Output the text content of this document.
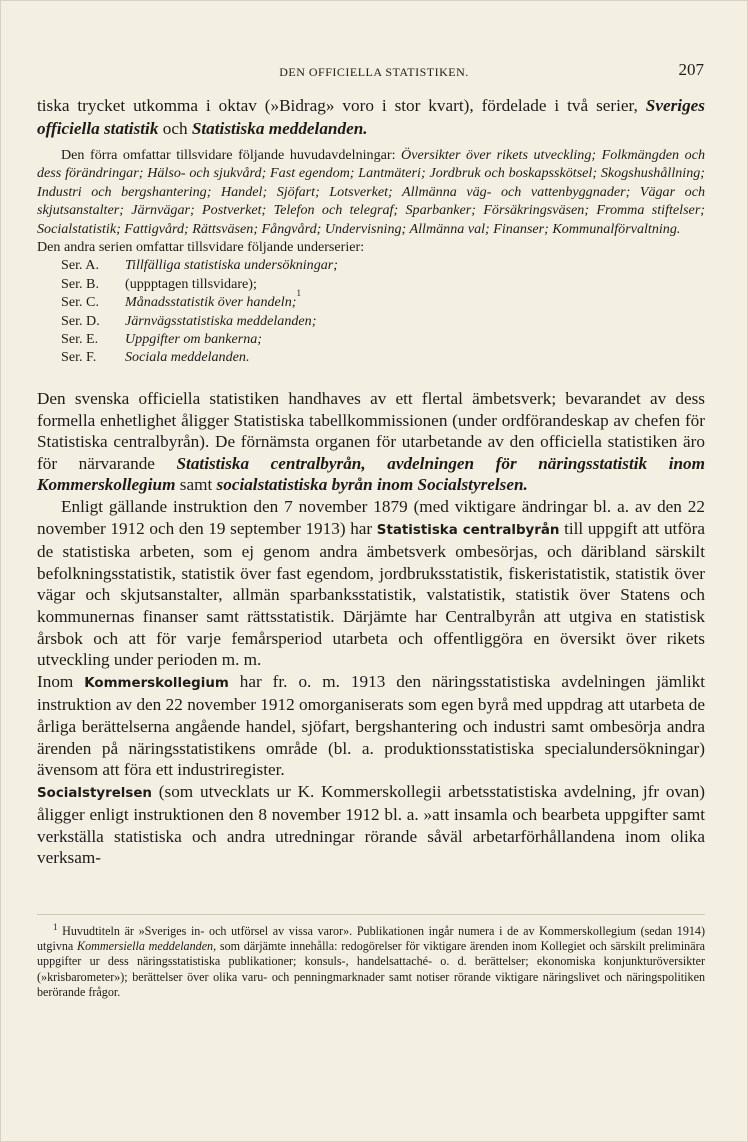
DEN OFFICIELLA STATISTIKEN.	207

tiska trycket utkomma i oktav (»Bidrag» voro i stor kvart), fördelade i två serier, Sveriges officiella statistik och Statistiska meddelanden.

Den förra omfattar tillsvidare följande huvudavdelningar: Översikter över rikets utveckling; Folkmängden och dess förändringar; Hälso- och sjukvård; Fast egendom; Lantmäteri; Jordbruk och boskapsskötsel; Skogshushållning; Industri och bergshantering; Handel; Sjöfart; Lotsverket; Allmänna väg- och vattenbyggnader; Vägar och skjutsanstalter; Järnvägar; Postverket; Telefon och telegraf; Sparbanker; Försäkringsväsen; Fromma stiftelser; Socialstatistik; Fattigvård; Rättsväsen; Fångvård; Undervisning; Allmänna val; Finanser; Kommunalförvaltning.

Den andra serien omfattar tillsvidare följande underserier:

Ser. A.	Tillfälliga statistiska undersökningar;
Ser. B.	(uppptagen tillsvidare);
Ser. C.	Månadsstatistik över handeln;
1
Ser. D.	Järnvägsstatistiska meddelanden;
Ser. E.	Uppgifter om bankerna;
Ser. F.	Sociala meddelanden.

Den svenska officiella statistiken handhaves av ett flertal ämbetsverk; bevarandet av dess formella enhetlighet åligger Statistiska tabellkommissionen (under ordförandeskap av chefen för Statistiska centralbyrån). De förnämsta organen för utarbetande av den officiella statistiken äro för närvarande Statistiska centralbyrån, avdelningen för näringsstatistik inom Kommerskollegium samt socialstatistiska byrån inom Socialstyrelsen.

Enligt gällande instruktion den 7 november 1879 (med viktigare ändringar bl. a. av den 22 november 1912 och den 19 september 1913) har Statistiska centralbyrån till uppgift att utföra de statistiska arbeten, som ej genom andra ämbetsverk ombesörjas, och däribland särskilt befolkningsstatistik, statistik över fast egendom, jordbruksstatistik, fiskeristatistik, statistik över vägar och skjutsanstalter, allmän sparbanksstatistik, valstatistik, statistik över Statens och kommunernas finanser samt rättsstatistik. Därjämte har Centralbyrån att utgiva en statistisk årsbok och att för varje femårsperiod utarbeta och offentliggöra en översikt över rikets utveckling under perioden m. m.

Inom Kommerskollegium har fr. o. m. 1913 den näringsstatistiska avdelningen jämlikt instruktion av den 22 november 1912 omorganiserats som egen byrå med uppdrag att utarbeta de årliga berättelserna angående handel, sjöfart, bergshantering och industri samt ombesörja andra ärenden på näringsstatistikens område (bl. a. produktionsstatistiska specialundersökningar) ävensom att föra ett industriregister.

Socialstyrelsen (som utvecklats ur K. Kommerskollegii arbetsstatistiska avdelning, jfr ovan) åligger enligt instruktionen den 8 november 1912 bl. a. »att insamla och bearbeta uppgifter samt verkställa statistiska och andra utredningar rörande såväl arbetarförhållandena inom olika verksam-

$^1$ Huvudtiteln är »Sveriges in- och utförsel av vissa varor». Publikationen ingår numera i de av Kommerskollegium (sedan 1914) utgivna Kommersiella meddelanden, som därjämte innehålla: redogörelser för viktigare ärenden inom Kollegiet och särskilt preliminära uppgifter ur dess näringsstatistiska publikationer; konsuls-, handelsattaché- o. d. berättelser; ekonomiska konjunkturöversikter (»krisbarometer»); berättelser över olika varu- och penningmarknader samt notiser rörande viktigare näringslivet och näringspolitiken berörande frågor.
